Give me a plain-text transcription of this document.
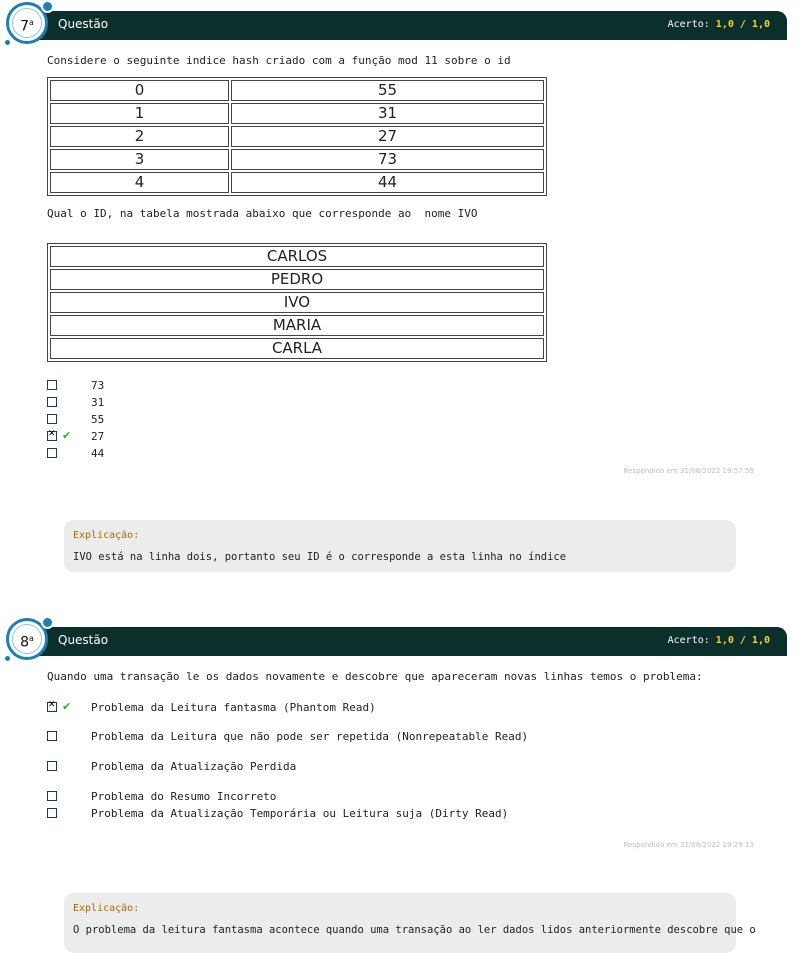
7$^a$	Questão	Acerto: 1,0 / 1,0
Considere o seguinte indice hash criado com a função mod 11 sobre o id
0	55
1	31
2	27
3	73
4	44
Qual o ID, na tabela mostrada abaixo que corresponde ao  nome IVO
CARLOS
PEDRO
IVO
MARIA
CARLA
73
31
55
✕
✔ 27
44
Respondido em 31/08/2022 19:57:59
Explicação:
IVO está na linha dois, portanto seu ID é o corresponde a esta linha no índice
8$^a$	Questão	Acerto: 1,0 / 1,0
Quando uma transação le os dados novamente e descobre que apareceram novas linhas temos o problema:
✕
✔ Problema da Leitura fantasma (Phantom Read)
Problema da Leitura que não pode ser repetida (Nonrepeatable Read)
Problema da Atualização Perdida
Problema do Resumo Incorreto
Problema da Atualização Temporária ou Leitura suja (Dirty Read)
Respondido em 31/08/2022 19:29:13
Explicação:
O problema da leitura fantasma acontece quando uma transação ao ler dados lidos anteriormente descobre que o
